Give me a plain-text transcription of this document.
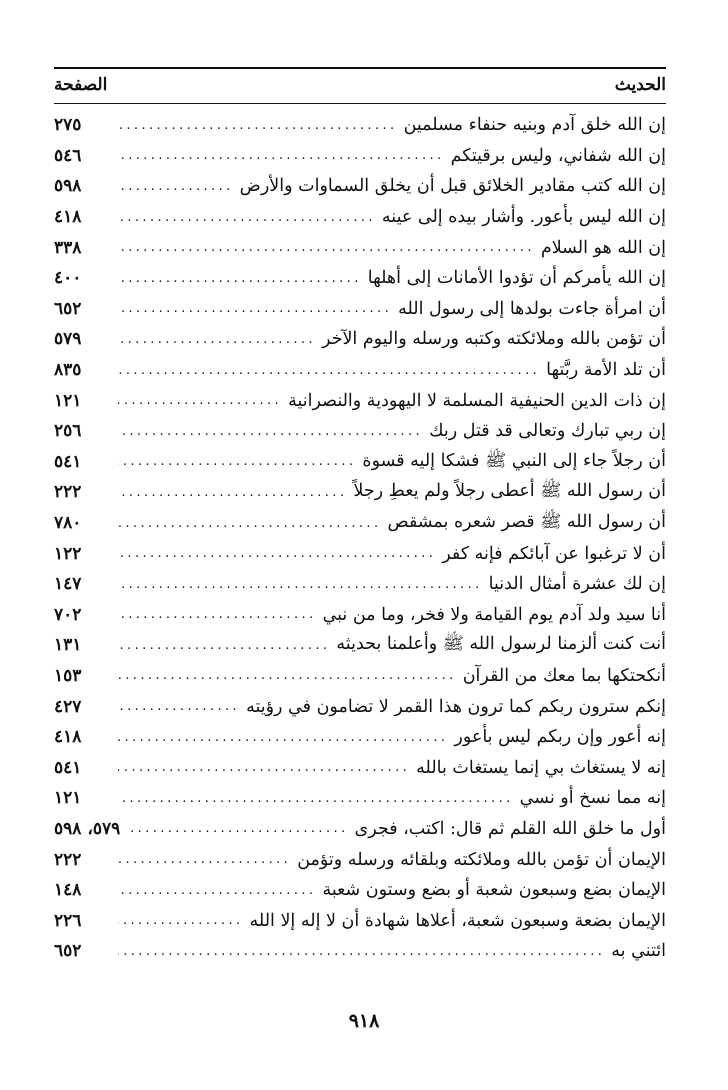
الحديث
الصفحة
إن الله خلق آدم وبنيه حنفاء مسلمين
.....
٢٧٥
إن الله شفاني، وليس برقيتكم
.....
٥٤٦
إن الله كتب مقادير الخلائق قبل أن يخلق السماوات والأرض
.....
٥٩٨
إن الله ليس بأعور. وأشار بيده إلى عينه
.....
٤١٨
إن الله هو السلام
.....
٣٣٨
إن الله يأمركم أن تؤدوا الأمانات إلى أهلها
.....
٤٠٠
أن امرأة جاءت بولدها إلى رسول الله
.....
٦٥٢
أن تؤمن بالله وملائكته وكتبه ورسله واليوم الآخر
.....
٥٧٩
أن تلد الأمة ربَّتها
.....
٨٣٥
إن ذات الدين الحنيفية المسلمة لا اليهودية والنصرانية
.....
١٢١
إن ربي تبارك وتعالى قد قتل ربك
.....
٢٥٦
أن رجلاً جاء إلى النبي ﷺ فشكا إليه قسوة
.....
٥٤١
أن رسول الله ﷺ أعطى رجلاً ولم يعطِ رجلاً
.....
٢٢٢
أن رسول الله ﷺ قصر شعره بمشقص
.....
٧٨٠
أن لا ترغبوا عن آبائكم فإنه كفر
.....
١٢٢
إن لك عشرة أمثال الدنيا
.....
١٤٧
أنا سيد ولد آدم يوم القيامة ولا فخر، وما من نبي
.....
٧٠٢
أنت كنت ألزمنا لرسول الله ﷺ وأعلمنا بحديثه
.....
١٣١
أنكحتكها بما معك من القرآن
.....
١٥٣
إنكم سترون ربكم كما ترون هذا القمر لا تضامون في رؤيته
.....
٤٢٧
إنه أعور وإن ربكم ليس بأعور
.....
٤١٨
إنه لا يستغاث بي إنما يستغاث بالله
.....
٥٤١
إنه مما نسخ أو نسي
.....
١٢١
أول ما خلق الله القلم ثم قال: اكتب، فجرى
.....
٥٧٩، ٥٩٨
الإيمان أن تؤمن بالله وملائكته وبلقائه ورسله وتؤمن
.....
٢٢٢
الإيمان بضع وسبعون شعبة أو بضع وستون شعبة
.....
١٤٨
الإيمان بضعة وسبعون شعبة، أعلاها شهادة أن لا إله إلا الله
.....
٢٢٦
ائتني به
.....
٦٥٢
٩١٨
